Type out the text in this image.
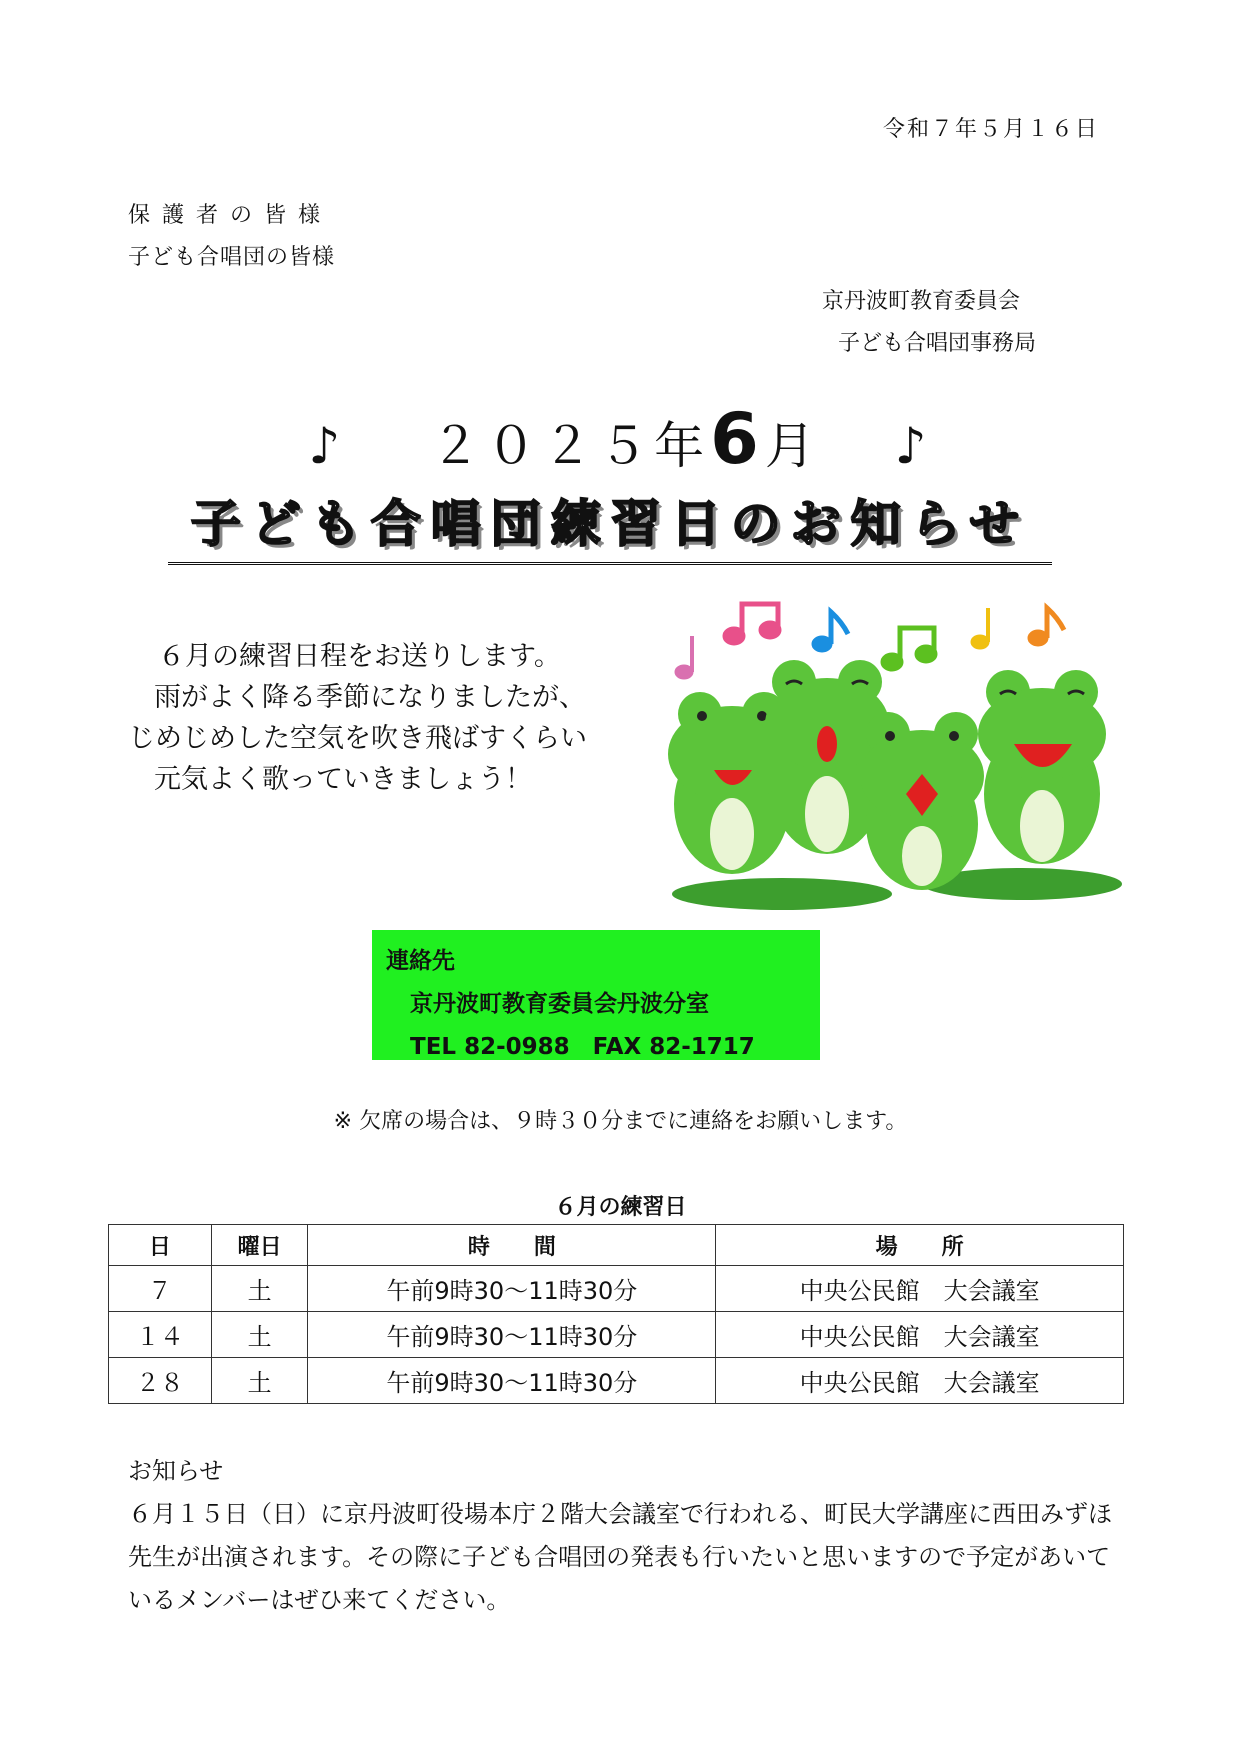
令和７年５月１６日
保護者の皆様
子ども合唱団の皆様
京丹波町教育委員会
子ども合唱団事務局
♪ ２０２５年6月 ♪
子ども合唱団練習日のお知らせ
６月の練習日程をお送りします。
雨がよく降る季節になりましたが、
じめじめした空気を吹き飛ばすくらい
元気よく歌っていきましょう！
連絡先
京丹波町教育委員会丹波分室
TEL 82-0988　FAX 82-1717
※ 欠席の場合は、９時３０分までに連絡をお願いします。
６月の練習日
日	曜日	時　　間	場　　所
７	土	午前9時30～11時30分	中央公民館　大会議室
１４	土	午前9時30～11時30分	中央公民館　大会議室
２８	土	午前9時30～11時30分	中央公民館　大会議室
お知らせ
６月１５日（日）に京丹波町役場本庁２階大会議室で行われる、町民大学講座に西田みずほ先生が出演されます。その際に子ども合唱団の発表も行いたいと思いますので予定があいているメンバーはぜひ来てください。
